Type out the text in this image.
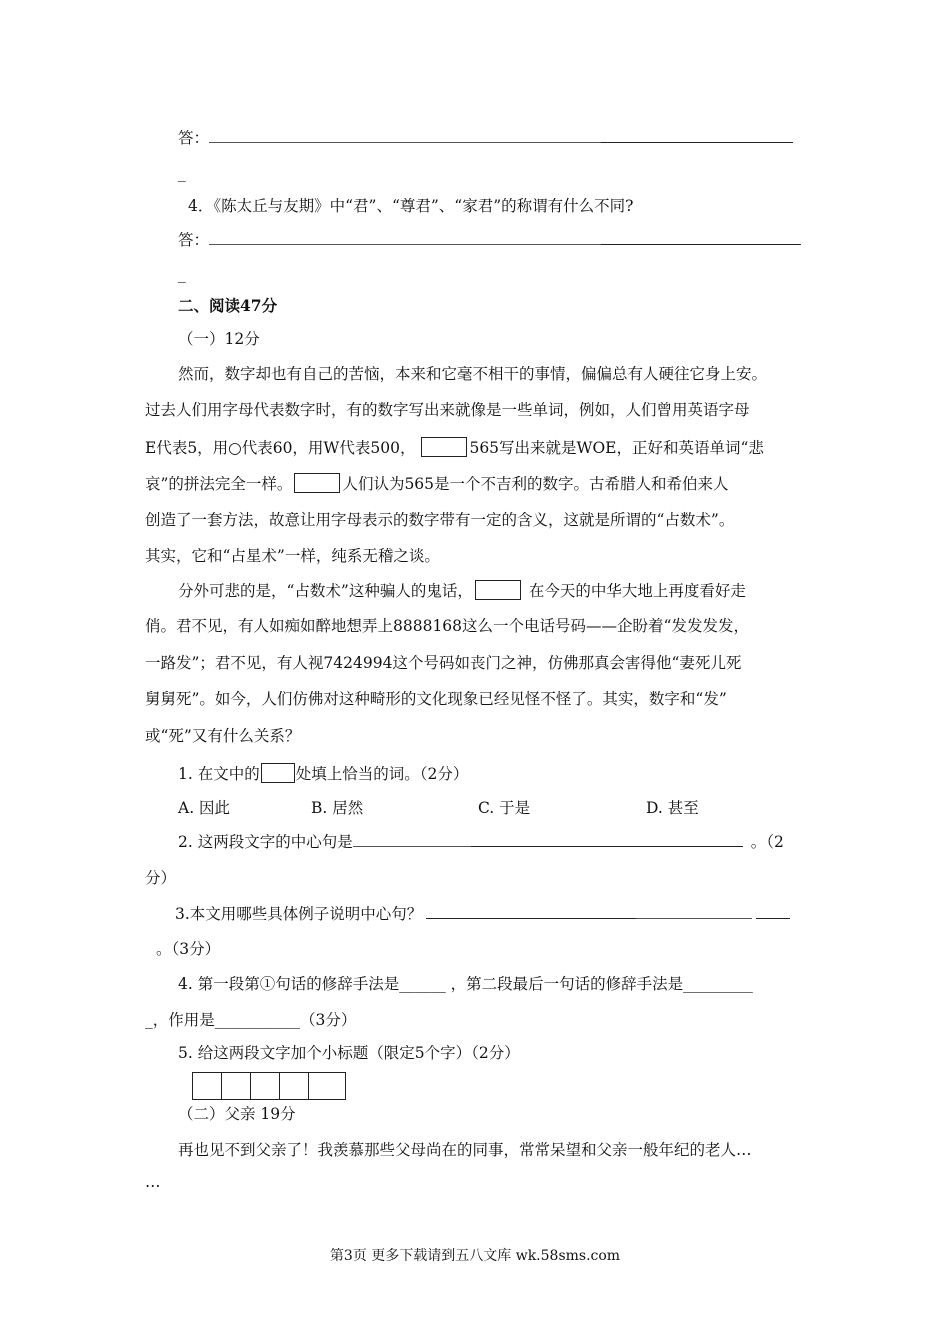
答：
_
4．《陈太丘与友期》中“君”、“尊君”、“家君”的称谓有什么不同?
答：
_
二、阅读47分
（一）12分
然而，数字却也有自己的苦恼，本来和它毫不相干的事情，偏偏总有人硬往它身上安。
过去人们用字母代表数字时，有的数字写出来就像是一些单词，例如，人们曾用英语字母
E代表5，用○代表60，用W代表500，	565写出来就是WOE，正好和英语单词“悲
哀”的拼法完全一样。	人们认为565是一个不吉利的数字。古希腊人和希伯来人
创造了一套方法，故意让用字母表示的数字带有一定的含义，这就是所谓的“占数术”。
其实，它和“占星术”一样，纯系无稽之谈。
分外可悲的是，“占数术”这种骗人的鬼话，	在今天的中华大地上再度看好走
俏。君不见，有人如痴如醉地想弄上8888168这么一个电话号码——企盼着“发发发发，
一路发”；君不见，有人视7424994这个号码如丧门之神，仿佛那真会害得他“妻死儿死
舅舅死”。如今，人们仿佛对这种畸形的文化现象已经见怪不怪了。其实，数字和“发”
或“死”又有什么关系？
1. 在文中的 处填上恰当的词。（2分）
A. 因此	B. 居然	C. 于是	D. 甚至
2. 这两段文字的中心句是	。（2
分）
3.本文用哪些具体例子说明中心句？
。（3分）
4. 第一段第①句话的修辞手法是______ ，第二段最后一句话的修辞手法是_________
_，作用是___________（3分）
5. 给这两段文字加个小标题（限定5个字）（2分）
（二）父亲 19分
再也见不到父亲了！我羡慕那些父母尚在的同事，常常呆望和父亲一般年纪的老人…
…
第3页 更多下载请到五八文库 wk.58sms.com
